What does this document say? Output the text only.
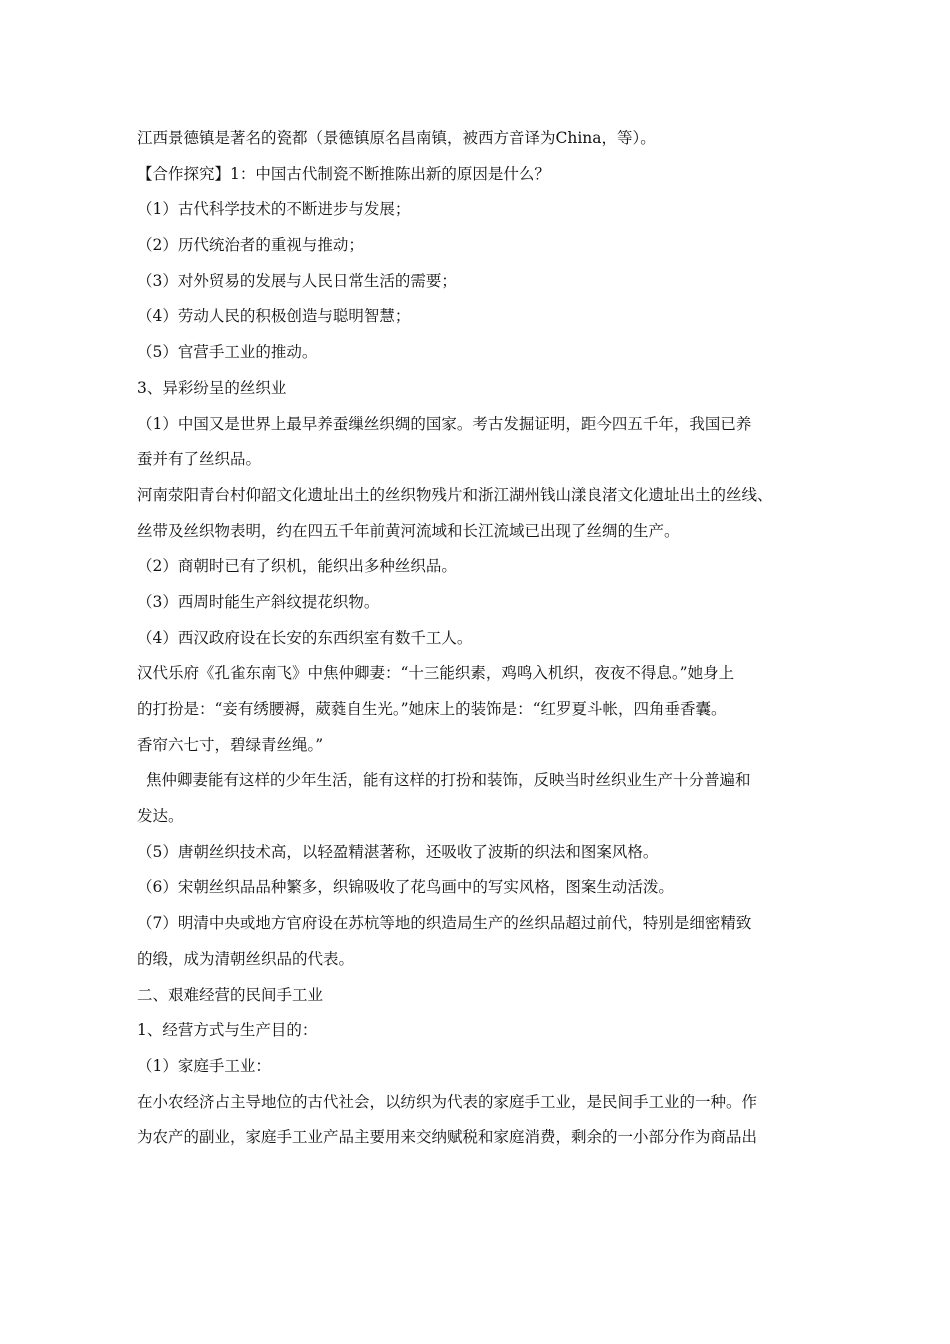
江西景德镇是著名的瓷都（景德镇原名昌南镇，被西方音译为China，等）。
【合作探究】1：中国古代制瓷不断推陈出新的原因是什么？
（1）古代科学技术的不断进步与发展；
（2）历代统治者的重视与推动；
（3）对外贸易的发展与人民日常生活的需要；
（4）劳动人民的积极创造与聪明智慧；
（5）官营手工业的推动。
3、异彩纷呈的丝织业
（1）中国又是世界上最早养蚕缫丝织绸的国家。考古发掘证明，距今四五千年，我国已养
蚕并有了丝织品。
河南荥阳青台村仰韶文化遗址出土的丝织物残片和浙江湖州钱山漾良渚文化遗址出土的丝线、
丝带及丝织物表明，约在四五千年前黄河流域和长江流域已出现了丝绸的生产。
（2）商朝时已有了织机，能织出多种丝织品。
（3）西周时能生产斜纹提花织物。
（4）西汉政府设在长安的东西织室有数千工人。
汉代乐府《孔雀东南飞》中焦仲卿妻：“十三能织素，鸡鸣入机织，夜夜不得息。”她身上
的打扮是：“妾有绣腰褥，葳蕤自生光。”她床上的装饰是：“红罗夏斗帐，四角垂香囊。
香帘六七寸，碧绿青丝绳。”
焦仲卿妻能有这样的少年生活，能有这样的打扮和装饰，反映当时丝织业生产十分普遍和
发达。
（5）唐朝丝织技术高，以轻盈精湛著称，还吸收了波斯的织法和图案风格。
（6）宋朝丝织品品种繁多，织锦吸收了花鸟画中的写实风格，图案生动活泼。
（7）明清中央或地方官府设在苏杭等地的织造局生产的丝织品超过前代，特别是细密精致
的缎，成为清朝丝织品的代表。
二、艰难经营的民间手工业
1、经营方式与生产目的：
（1）家庭手工业：
在小农经济占主导地位的古代社会，以纺织为代表的家庭手工业，是民间手工业的一种。作
为农产的副业，家庭手工业产品主要用来交纳赋税和家庭消费，剩余的一小部分作为商品出
